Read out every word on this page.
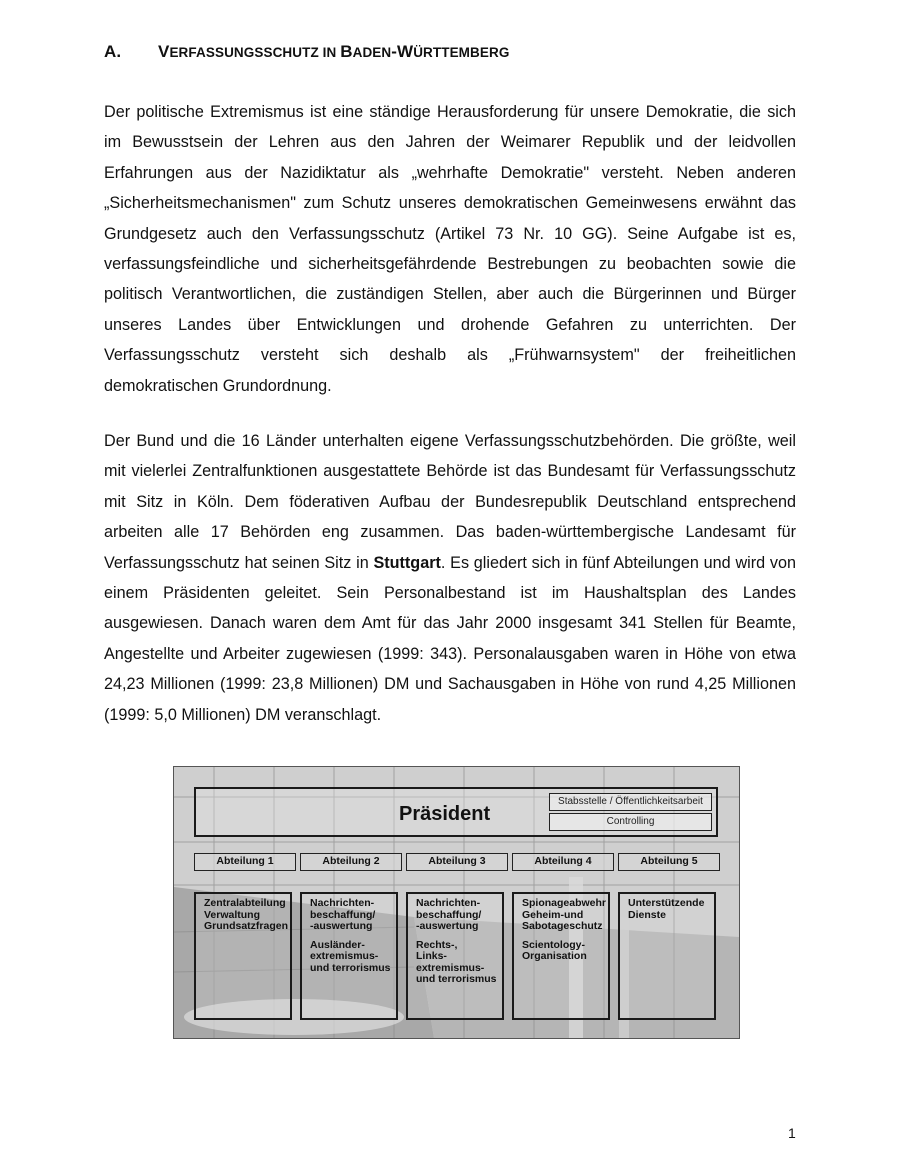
A. VERFASSUNGSSCHUTZ IN BADEN-WÜRTTEMBERG

Der politische Extremismus ist eine ständige Herausforderung für unsere Demokratie, die sich im Bewusstsein der Lehren aus den Jahren der Weimarer Republik und der leidvollen Erfahrungen aus der Nazidiktatur als „wehrhafte Demokratie" versteht. Neben anderen „Sicherheitsmechanismen" zum Schutz unseres demokratischen Gemeinwesens erwähnt das Grundgesetz auch den Verfassungsschutz (Artikel 73 Nr. 10 GG). Seine Aufgabe ist es, verfassungsfeindliche und sicherheitsgefährdende Bestrebungen zu beobachten sowie die politisch Verantwortlichen, die zuständigen Stellen, aber auch die Bürgerinnen und Bürger unseres Landes über Entwicklungen und drohende Gefahren zu unterrichten. Der Verfassungsschutz versteht sich deshalb als „Frühwarnsystem" der freiheitlichen demokratischen Grundordnung.

Der Bund und die 16 Länder unterhalten eigene Verfassungsschutzbehörden. Die größte, weil mit vielerlei Zentralfunktionen ausgestattete Behörde ist das Bundesamt für Verfassungsschutz mit Sitz in Köln. Dem föderativen Aufbau der Bundesrepublik Deutschland entsprechend arbeiten alle 17 Behörden eng zusammen. Das baden-württembergische Landesamt für Verfassungsschutz hat seinen Sitz in Stuttgart. Es gliedert sich in fünf Abteilungen und wird von einem Präsidenten geleitet. Sein Personalbestand ist im Haushaltsplan des Landes ausgewiesen. Danach waren dem Amt für das Jahr 2000 insgesamt 341 Stellen für Beamte, Angestellte und Arbeiter zugewiesen (1999: 343). Personalausgaben waren in Höhe von etwa 24,23 Millionen (1999: 23,8 Millionen) DM und Sachausgaben in Höhe von rund 4,25 Millionen (1999: 5,0 Millionen) DM veranschlagt.

Präsident
Stabsstelle / Öffentlichkeitsarbeit
Controlling
Abteilung 1	Abteilung 2	Abteilung 3	Abteilung 4	Abteilung 5
Zentralabteilung
Verwaltung
Grundsatzfragen
Nachrichten-
beschaffung/
-auswertung
Ausländer-
extremismus-
und terrorismus
Nachrichten-
beschaffung/
-auswertung
Rechts-,
Links-
extremismus-
und terrorismus
Spionageabwehr
Geheim-und
Sabotageschutz
Scientology-
Organisation
Unterstützende
Dienste
1
